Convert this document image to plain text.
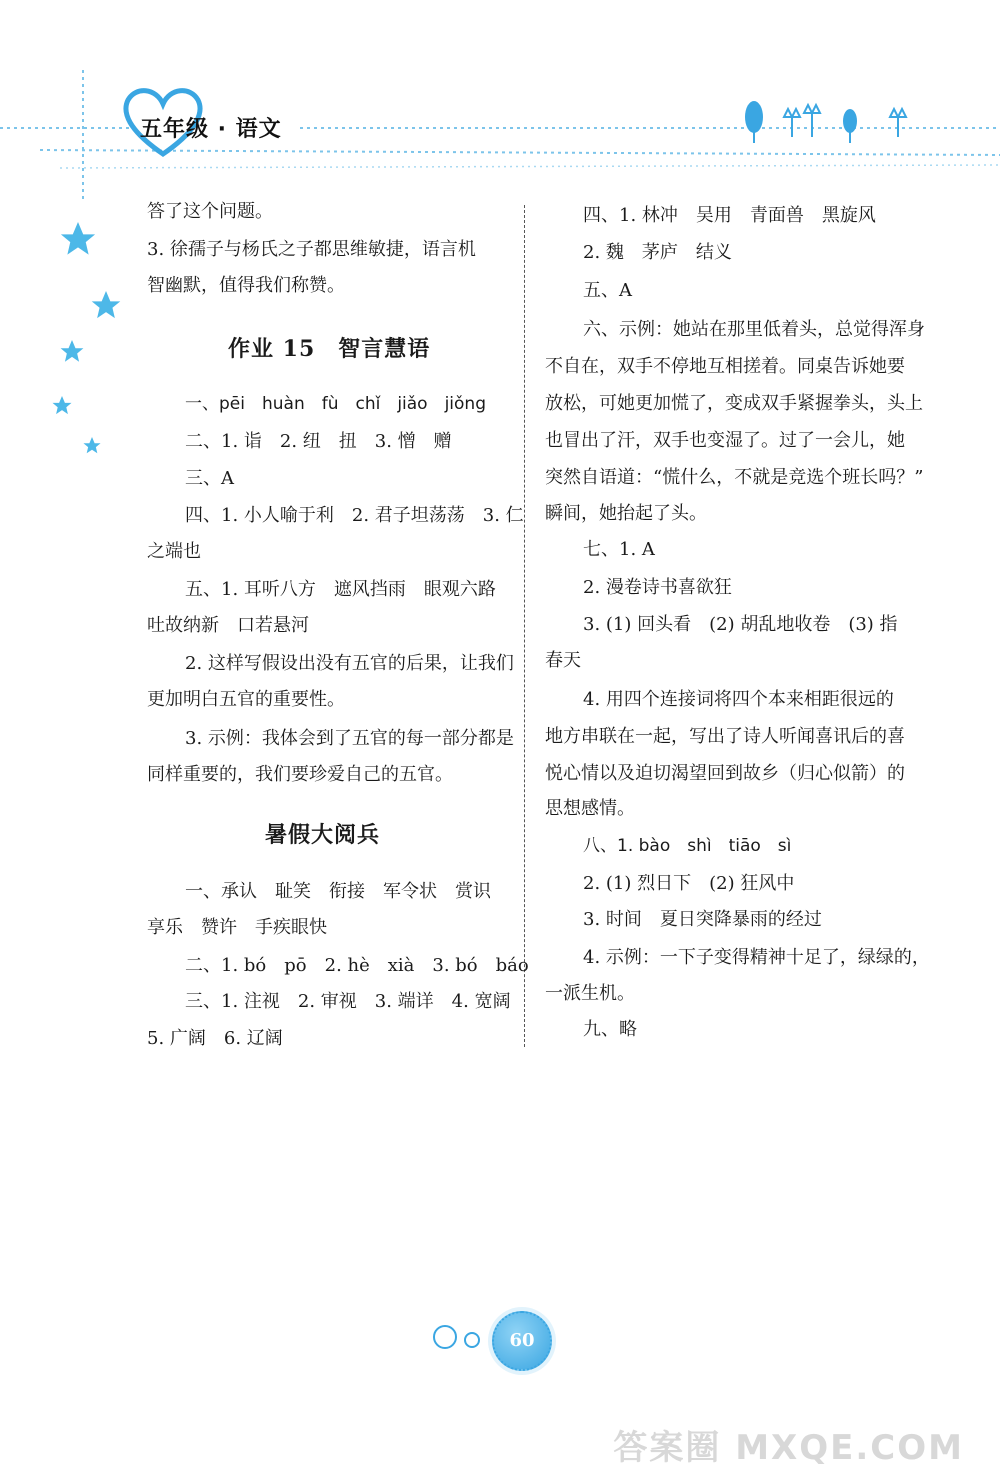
五年级 · 语文
答了这个问题。
3. 徐孺子与杨氏之子都思维敏捷，语言机
智幽默，值得我们称赞。
作业 15　智言慧语
一、pēi　huàn　fù　chǐ　jiǎo　jiǒng
二、1. 诣　2. 纽　扭　3. 憎　赠
三、A
四、1. 小人喻于利　2. 君子坦荡荡　3. 仁
之端也
五、1. 耳听八方　遮风挡雨　眼观六路
吐故纳新　口若悬河
2. 这样写假设出没有五官的后果，让我们
更加明白五官的重要性。
3. 示例：我体会到了五官的每一部分都是
同样重要的，我们要珍爱自己的五官。
暑假大阅兵
一、承认　耻笑　衔接　军令状　赏识
享乐　赞许　手疾眼快
二、1. bó　pō　2. hè　xià　3. bó　báo
三、1. 注视　2. 审视　3. 端详　4. 宽阔
5. 广阔　6. 辽阔
四、1. 林冲　吴用　青面兽　黑旋风
2. 魏　茅庐　结义
五、A
六、示例：她站在那里低着头，总觉得浑身
不自在，双手不停地互相搓着。同桌告诉她要
放松，可她更加慌了，变成双手紧握拳头，头上
也冒出了汗，双手也变湿了。过了一会儿，她
突然自语道：“慌什么，不就是竞选个班长吗？”
瞬间，她抬起了头。
七、1. A
2. 漫卷诗书喜欲狂
3. (1) 回头看　(2) 胡乱地收卷　(3) 指
春天
4. 用四个连接词将四个本来相距很远的
地方串联在一起，写出了诗人听闻喜讯后的喜
悦心情以及迫切渴望回到故乡（归心似箭）的
思想感情。
八、1. bào　shì　tiāo　sì
2. (1) 烈日下　(2) 狂风中
3. 时间　夏日突降暴雨的经过
4. 示例：一下子变得精神十足了，绿绿的，
一派生机。
九、略
60
答案圈 MXQE.COM
